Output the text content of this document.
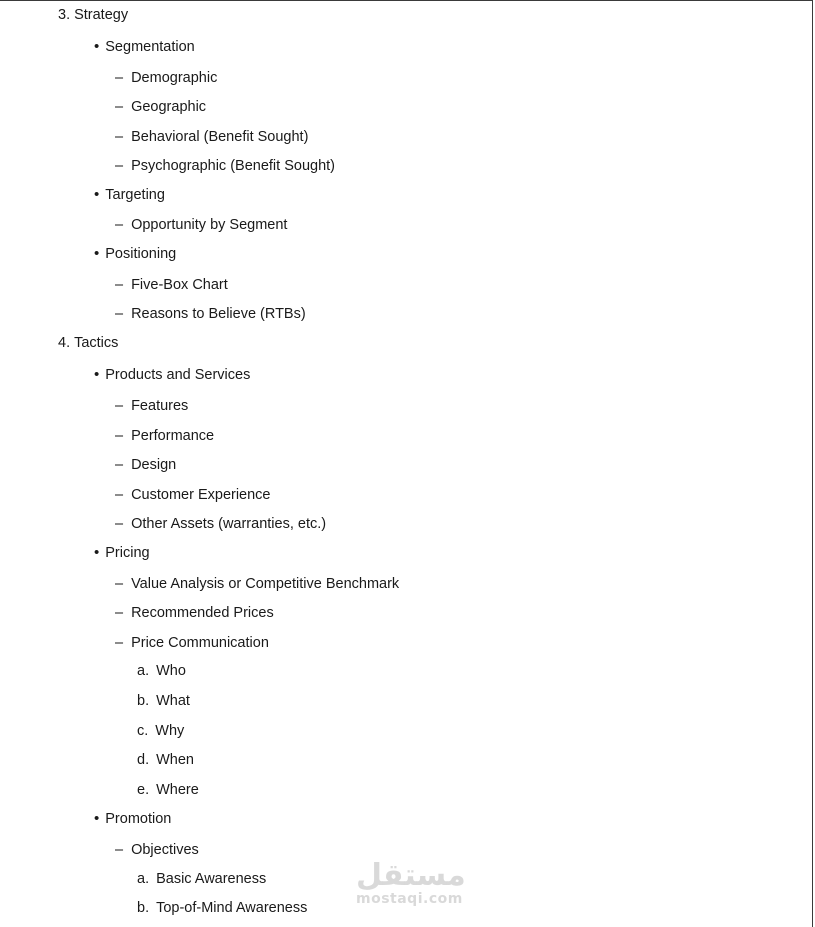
3. Strategy
• Segmentation
– Demographic
– Geographic
– Behavioral (Benefit Sought)
– Psychographic (Benefit Sought)
• Targeting
– Opportunity by Segment
• Positioning
– Five-Box Chart
– Reasons to Believe (RTBs)
4. Tactics
• Products and Services
– Features
– Performance
– Design
– Customer Experience
– Other Assets (warranties, etc.)
• Pricing
– Value Analysis or Competitive Benchmark
– Recommended Prices
– Price Communication
a. Who
b. What
c. Why
d. When
e. Where
• Promotion
– Objectives
a. Basic Awareness
b. Top-of-Mind Awareness
مستقل
mostaqi.com
